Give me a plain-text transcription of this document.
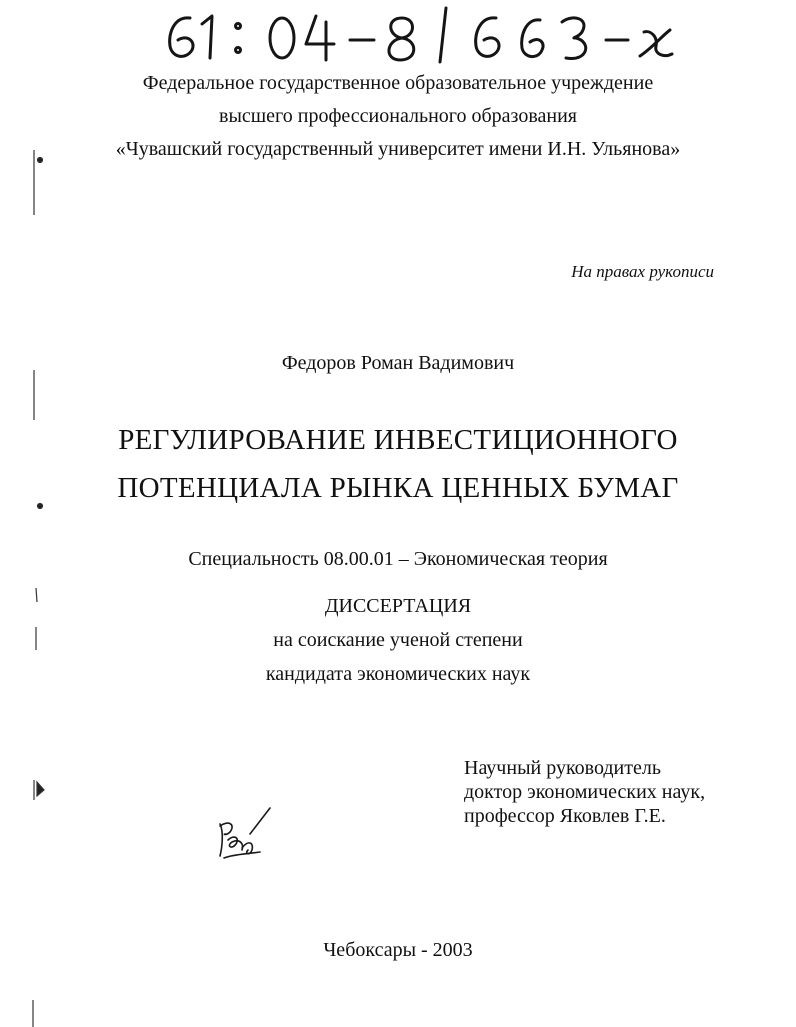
Федеральное государственное образовательное учреждение
высшего профессионального образования
«Чувашский государственный университет имени И.Н. Ульянова»
На правах рукописи
Федоров Роман Вадимович
РЕГУЛИРОВАНИЕ ИНВЕСТИЦИОННОГО
ПОТЕНЦИАЛА РЫНКА ЦЕННЫХ БУМАГ
Специальность 08.00.01 – Экономическая теория
ДИССЕРТАЦИЯ
на соискание ученой степени
кандидата экономических наук
Научный руководитель
доктор экономических наук,
профессор Яковлев Г.Е.
Чебоксары - 2003
